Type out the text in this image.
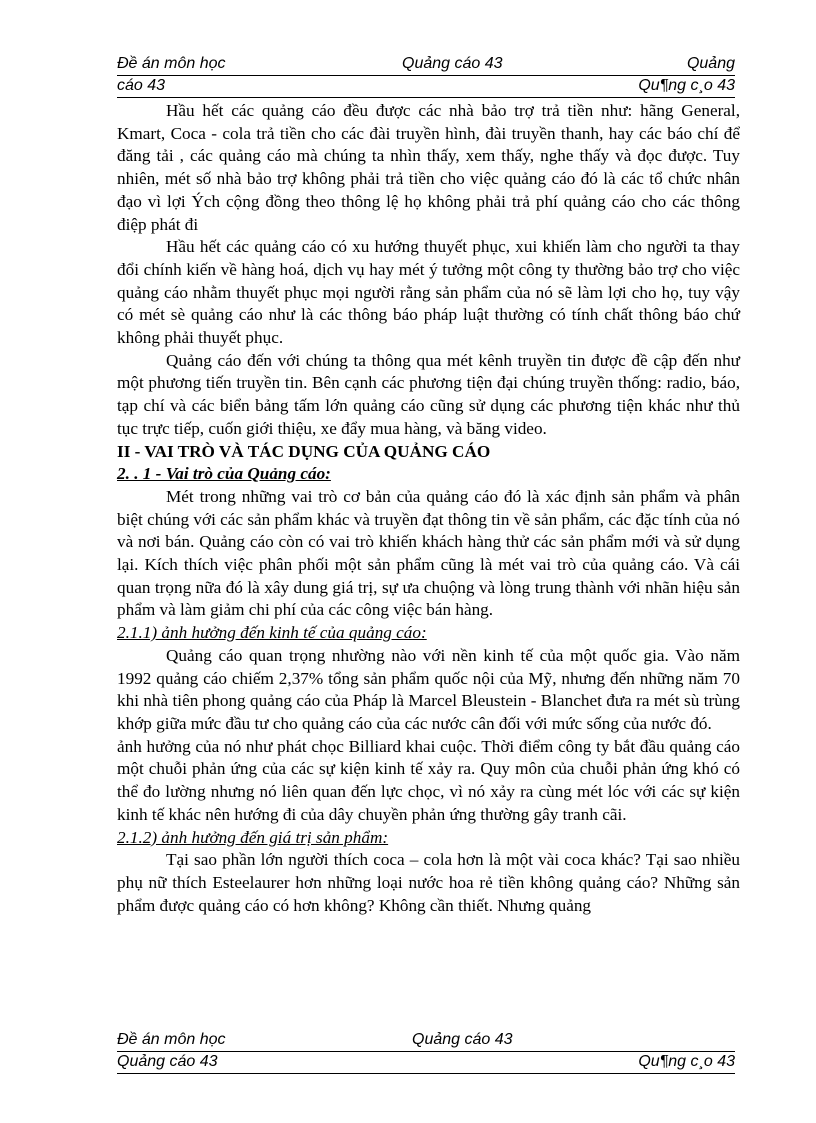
Đề án môn học	Quảng cáo 43	Quảng
cáo 43	Qu¶ng c¸o 43

Hầu hết các quảng cáo đều được các nhà bảo trợ trả tiền như: hãng General, Kmart, Coca - cola trả tiền cho các đài truyền hình, đài truyền thanh, hay các báo chí để đăng tải , các quảng cáo mà chúng ta nhìn thấy, xem thấy, nghe thấy và đọc được. Tuy nhiên, mét số nhà bảo trợ không phải trả tiền cho việc quảng cáo đó là các tổ chức nhân đạo vì lợi Ých cộng đồng theo thông lệ họ không phải trả phí quảng cáo cho các thông điệp phát đi

Hầu hết các quảng cáo có xu hướng thuyết phục, xui khiến làm cho người ta thay đổi chính kiến về hàng hoá, dịch vụ hay mét ý tưởng một công ty thường bảo trợ cho việc quảng cáo nhằm thuyết phục mọi người rằng sản phẩm của nó sẽ làm lợi cho họ, tuy vậy có mét sè quảng cáo như là các thông báo pháp luật thường có tính chất thông báo chứ không phải thuyết phục.

Quảng cáo đến với chúng ta thông qua mét kênh truyền tin được đề cập đến như một phương tiến truyền tin. Bên cạnh các phương tiện đại chúng truyền thống: radio, báo, tạp chí và các biển bảng tấm lớn quảng cáo cũng sử dụng các phương tiện khác như thủ tục trực tiếp, cuốn giới thiệu, xe đẩy mua hàng, và băng video.

II - VAI TRÒ VÀ TÁC DỤNG CỦA QUẢNG CÁO
2. . 1 - Vai trò của Quảng cáo:

Mét trong những vai trò cơ bản của quảng cáo đó là xác định sản phẩm và phân biệt chúng với các sản phẩm khác và truyền đạt thông tin về sản phẩm, các đặc tính của nó và nơi bán. Quảng cáo còn có vai trò khiến khách hàng thử các sản phẩm mới và sử dụng lại. Kích thích việc phân phối một sản phẩm cũng là mét vai trò của quảng cáo. Và cái quan trọng nữa đó là xây dung giá trị, sự ưa chuộng và lòng trung thành với nhãn hiệu sản phẩm và làm giảm chi phí của các công việc bán hàng.

2.1.1) ảnh hưởng đến kinh tế của quảng cáo:

Quảng cáo quan trọng nhường nào với nền kinh tế của một quốc gia. Vào năm 1992 quảng cáo chiếm 2,37% tổng sản phẩm quốc nội của Mỹ, nhưng đến những năm 70 khi nhà tiên phong quảng cáo của Pháp là Marcel Bleustein - Blanchet đưa ra mét sù trùng khớp giữa mức đầu tư cho quảng cáo của các nước cân đối với mức sống của nước đó.

ảnh hưởng của nó như phát chọc Billiard khai cuộc. Thời điểm công ty bắt đầu quảng cáo một chuỗi phản ứng của các sự kiện kinh tế xảy ra. Quy môn của chuỗi phản ứng khó có thể đo lường nhưng nó liên quan đến lực chọc, vì nó xảy ra cùng mét lóc với các sự kiện kinh tế khác nên hướng đi của dây chuyền phản ứng thường gây tranh cãi.

2.1.2) ảnh hưởng đến giá trị sản phẩm:

Tại sao phần lớn người thích coca – cola hơn là một vài coca khác? Tại sao nhiều phụ nữ thích Esteelaurer hơn những loại nước hoa rẻ tiền không quảng cáo? Những sản phẩm được quảng cáo có hơn không? Không cần thiết. Nhưng quảng

Đề án môn học	Quảng cáo 43
Quảng cáo 43	Qu¶ng c¸o 43
